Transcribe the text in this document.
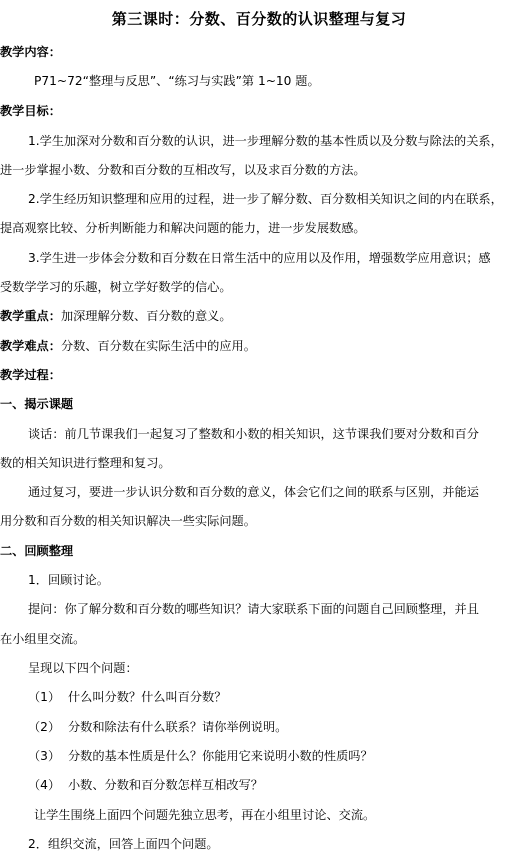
第三课时：分数、百分数的认识整理与复习
教学内容：
P71~72“整理与反思”、“练习与实践”第 1~10 题。
教学目标：
1.学生加深对分数和百分数的认识，进一步理解分数的基本性质以及分数与除法的关系，
进一步掌握小数、分数和百分数的互相改写，以及求百分数的方法。
2.学生经历知识整理和应用的过程，进一步了解分数、百分数相关知识之间的内在联系，
提高观察比较、分析判断能力和解决问题的能力，进一步发展数感。
3.学生进一步体会分数和百分数在日常生活中的应用以及作用，增强数学应用意识；感
受数学学习的乐趣，树立学好数学的信心。
教学重点：加深理解分数、百分数的意义。
教学难点：分数、百分数在实际生活中的应用。
教学过程：
一、揭示课题
谈话：前几节课我们一起复习了整数和小数的相关知识，这节课我们要对分数和百分
数的相关知识进行整理和复习。
通过复习，要进一步认识分数和百分数的意义，体会它们之间的联系与区别，并能运
用分数和百分数的相关知识解决一些实际问题。
二、回顾整理
1．回顾讨论。
提问：你了解分数和百分数的哪些知识？请大家联系下面的问题自己回顾整理，并且
在小组里交流。
呈现以下四个问题：
（1） 什么叫分数？什么叫百分数？
（2） 分数和除法有什么联系？请你举例说明。
（3） 分数的基本性质是什么？你能用它来说明小数的性质吗？
（4） 小数、分数和百分数怎样互相改写？
让学生围绕上面四个问题先独立思考，再在小组里讨论、交流。
2．组织交流，回答上面四个问题。
